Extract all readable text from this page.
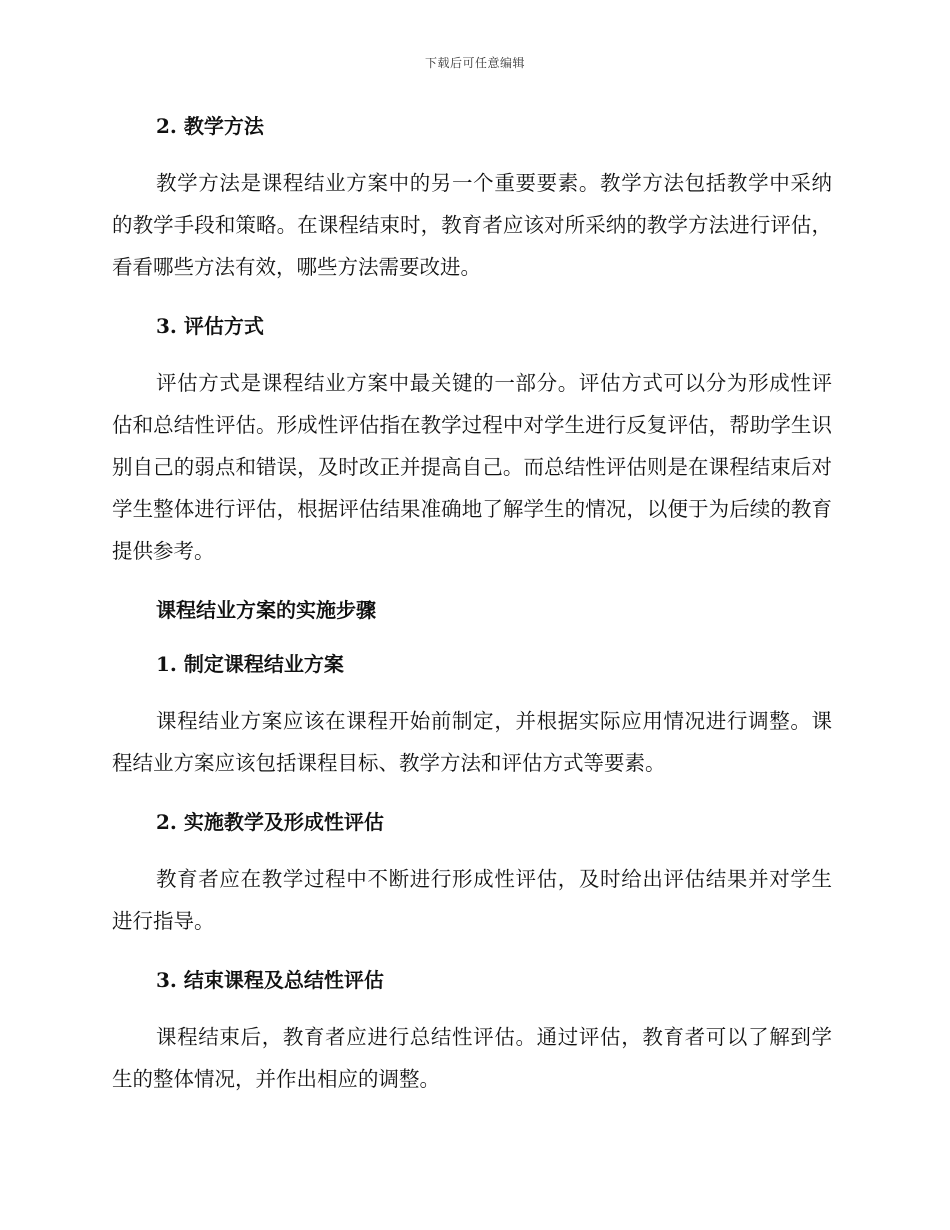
下载后可任意编辑
2. 教学方法

教学方法是课程结业方案中的另一个重要要素。教学方法包括教学中采纳的教学手段和策略。在课程结束时，教育者应该对所采纳的教学方法进行评估，看看哪些方法有效，哪些方法需要改进。

3. 评估方式

评估方式是课程结业方案中最关键的一部分。评估方式可以分为形成性评估和总结性评估。形成性评估指在教学过程中对学生进行反复评估，帮助学生识别自己的弱点和错误，及时改正并提高自己。而总结性评估则是在课程结束后对学生整体进行评估，根据评估结果准确地了解学生的情况，以便于为后续的教育提供参考。

课程结业方案的实施步骤
1. 制定课程结业方案

课程结业方案应该在课程开始前制定，并根据实际应用情况进行调整。课程结业方案应该包括课程目标、教学方法和评估方式等要素。

2. 实施教学及形成性评估

教育者应在教学过程中不断进行形成性评估，及时给出评估结果并对学生进行指导。

3. 结束课程及总结性评估

课程结束后，教育者应进行总结性评估。通过评估，教育者可以了解到学生的整体情况，并作出相应的调整。
